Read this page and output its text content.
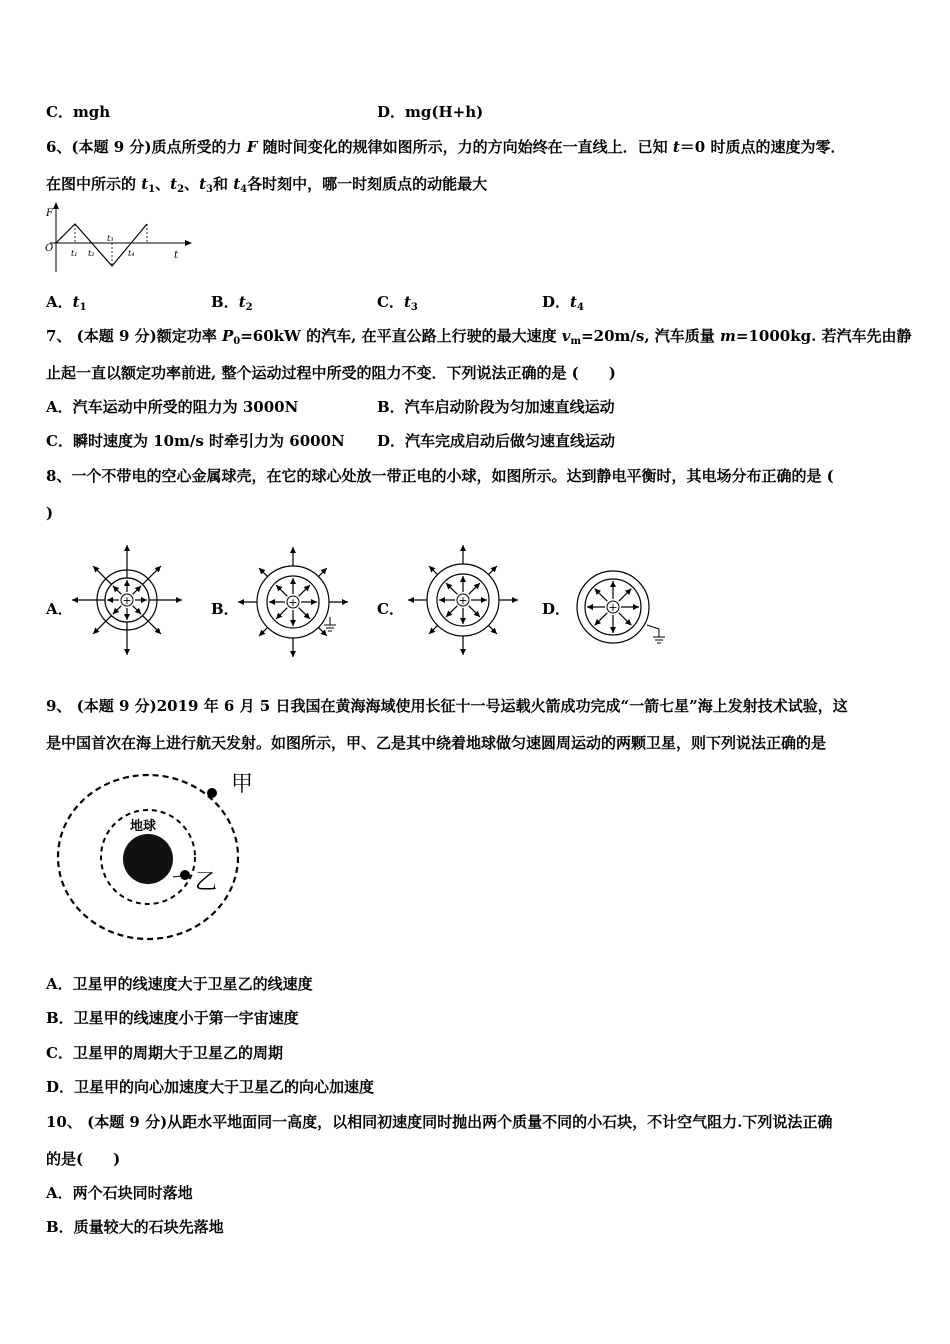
C．mgh	D．mg(H+h)
6、(本题 9 分)质点所受的力 F 随时间变化的规律如图所示，力的方向始终在一直线上．已知 t＝0 时质点的速度为零．
在图中所示的 $t_1$、$t_2$、$t_3$和 $t_4$各时刻中，哪一时刻质点的动能最大
F
O
t
t₁ t₂
t₃
t₄
A．$t_1$	B．$t_2$	C．$t_3$	D．$t_4$
7、 (本题 9 分)额定功率 $P_0=60kW$ 的汽车, 在平直公路上行驶的最大速度 $v_m=20m/s$, 汽车质量 m=1000kg. 若汽车先由静
止起一直以额定功率前进, 整个运动过程中所受的阻力不变．下列说法正确的是 (　　)
A．汽车运动中所受的阻力为 3000N	B．汽车启动阶段为匀加速直线运动
C．瞬时速度为 10m/s 时牵引力为 6000N D．汽车完成启动后做匀速直线运动
8、一个不带电的空心金属球壳，在它的球心处放一带正电的小球，如图所示。达到静电平衡时，其电场分布正确的是 (
)
A．	B．	C．	D．
+	+	+
+
9、 (本题 9 分)2019 年 6 月 5 日我国在黄海海域使用长征十一号运载火箭成功完成“一箭七星”海上发射技术试验，这
是中国首次在海上进行航天发射。如图所示，甲、乙是其中绕着地球做匀速圆周运动的两颗卫星，则下列说法正确的是
地球
甲
乙
A．卫星甲的线速度大于卫星乙的线速度
B．卫星甲的线速度小于第一宇宙速度
C．卫星甲的周期大于卫星乙的周期
D．卫星甲的向心加速度大于卫星乙的向心加速度
10、 (本题 9 分)从距水平地面同一高度，以相同初速度同时抛出两个质量不同的小石块，不计空气阻力.下列说法正确
的是(　　)
A．两个石块同时落地
B．质量较大的石块先落地
